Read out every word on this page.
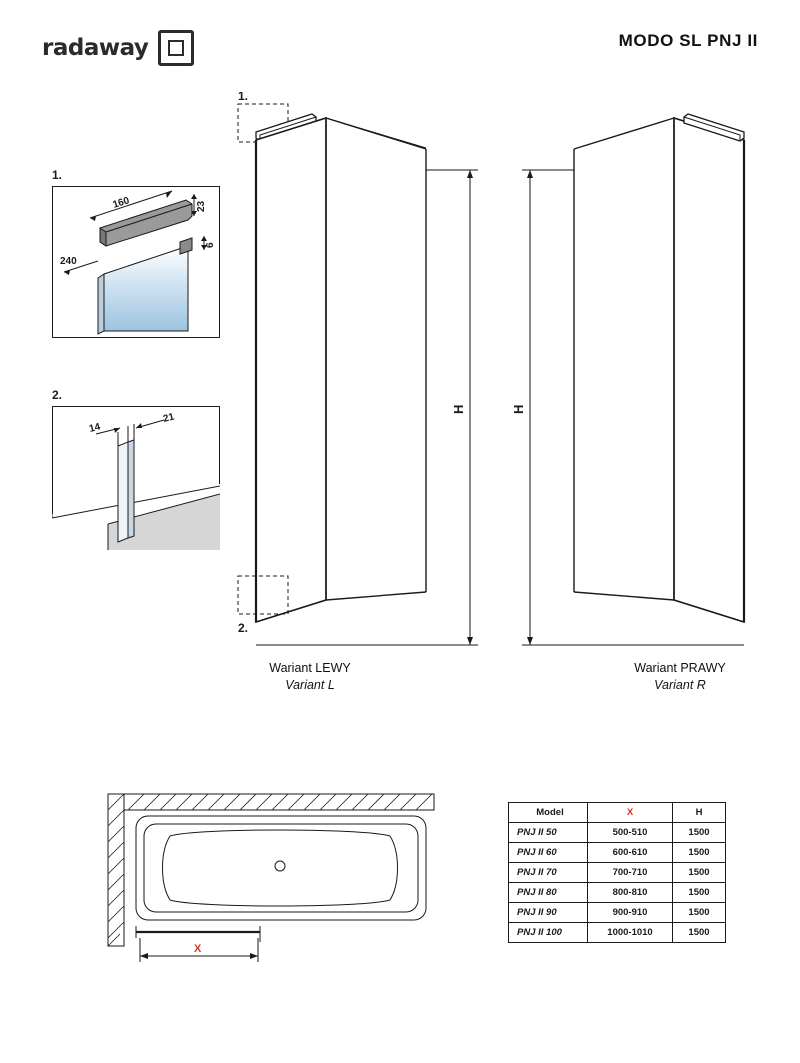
radaway	MODO SL PNJ II
1.
160	23
6
240
2.
14
21
1.
2.
H
Wariant LEWY
Variant L
H
Wariant PRAWY
Variant R
X
Model	X	H
PNJ II 50	500-510	1500
PNJ II 60	600-610	1500
PNJ II 70	700-710	1500
PNJ II 80	800-810	1500
PNJ II 90	900-910	1500
PNJ II 100	1000-1010	1500
